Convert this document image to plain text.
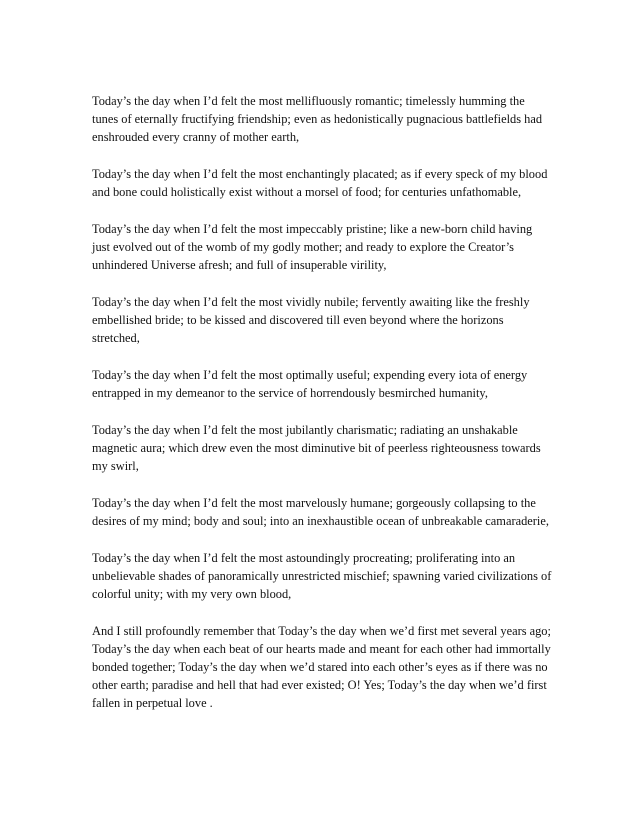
Today’s the day when I’d felt the most mellifluously romantic; timelessly humming the tunes of eternally fructifying friendship; even as hedonistically pugnacious battlefields had enshrouded every cranny of mother earth,

Today’s the day when I’d felt the most enchantingly placated; as if every speck of my blood and bone could holistically exist without a morsel of food; for centuries unfathomable,

Today’s the day when I’d felt the most impeccably pristine; like a new-born child having just evolved out of the womb of my godly mother; and ready to explore the Creator’s unhindered Universe afresh; and full of insuperable virility,

Today’s the day when I’d felt the most vividly nubile; fervently awaiting like the freshly embellished bride; to be kissed and discovered till even beyond where the horizons stretched,

Today’s the day when I’d felt the most optimally useful; expending every iota of energy entrapped in my demeanor to the service of horrendously besmirched humanity,

Today’s the day when I’d felt the most jubilantly charismatic; radiating an unshakable magnetic aura; which drew even the most diminutive bit of peerless righteousness towards my swirl,

Today’s the day when I’d felt the most marvelously humane; gorgeously collapsing to the desires of my mind; body and soul; into an inexhaustible ocean of unbreakable camaraderie,

Today’s the day when I’d felt the most astoundingly procreating; proliferating into an unbelievable shades of panoramically unrestricted mischief; spawning varied civilizations of colorful unity; with my very own blood,

And I still profoundly remember that Today’s the day when we’d first met several years ago; Today’s the day when each beat of our hearts made and meant for each other had immortally bonded together; Today’s the day when we’d stared into each other’s eyes as if there was no other earth; paradise and hell that had ever existed; O! Yes; Today’s the day when we’d first fallen in perpetual love .
